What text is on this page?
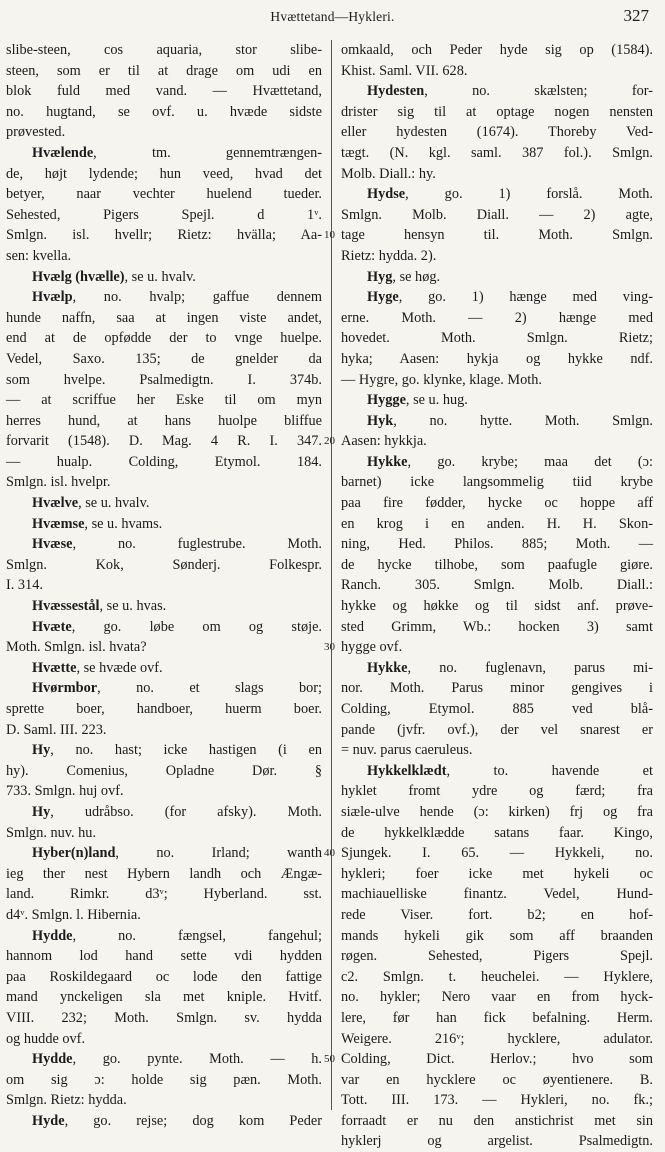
Hvættetand—Hykleri.	327
slibe-steen, cos aquaria, stor slibe-
steen, som er til at drage om udi en
blok fuld med vand. — Hvættetand,
no. hugtand, se ovf. u. hvæde sidste
prøvested.
Hvælende, tm. gennemtrængen-
de, højt lydende; hun veed, hvad det
betyer, naar vechter huelend tueder.
Sehested, Pigers Spejl. d 1ᵛ.
Smlgn. isl. hvellr; Rietz: hvälla; Aa-
sen: kvella.
Hvælg (hvælle), se u. hvalv.
Hvælp, no. hvalp; gaffue dennem
hunde naffn, saa at ingen viste andet,
end at de opfødde der to vnge huelpe.
Vedel, Saxo. 135; de gnelder da
som hvelpe. Psalmedigtn. I. 374b.
— at scriffue her Eske til om myn
herres hund, at hans huolpe bliffue
forvarit (1548). D. Mag. 4 R. I. 347.
— hualp. Colding, Etymol. 184.
Smlgn. isl. hvelpr.
Hvælve, se u. hvalv.
Hvæmse, se u. hvams.
Hvæse, no. fuglestrube. Moth.
Smlgn. Kok, Sønderj. Folkespr.
I. 314.
Hvæssestål, se u. hvas.
Hvæte, go. løbe om og støje.
Moth. Smlgn. isl. hvata?
Hvætte, se hvæde ovf.
Hvørmbor, no. et slags bor;
sprette boer, handboer, huerm boer.
D. Saml. III. 223.
Hy, no. hast; icke hastigen (i en
hy). Comenius, Opladne Dør. §
733. Smlgn. huj ovf.
Hy, udråbso. (for afsky). Moth.
Smlgn. nuv. hu.
Hyber(n)land, no. Irland; wanth
ieg ther nest Hybern landh och Ængæ-
land. Rimkr. d3ᵛ; Hyberland. sst.
d4ᵛ. Smlgn. l. Hibernia.
Hydde, no. fængsel, fangehul;
hannom lod hand sette vdi hydden
paa Roskildegaard oc lode den fattige
mand ynckeligen sla met kniple. Hvitf.
VIII. 232; Moth. Smlgn. sv. hydda
og hudde ovf.
Hydde, go. pynte. Moth. — h.
om sig ɔ: holde sig pæn. Moth.
Smlgn. Rietz: hydda.
Hyde, go. rejse; dog kom Peder
omkaald, och Peder hyde sig op (1584).
Khist. Saml. VII. 628.
Hydesten, no. skælsten; for-
drister sig til at optage nogen nensten
eller hydesten (1674). Thoreby Ved-
tægt. (N. kgl. saml. 387 fol.). Smlgn.
Molb. Diall.: hy.
Hydse, go. 1) forslå. Moth.
Smlgn. Molb. Diall. — 2) agte,
tage hensyn til. Moth. Smlgn.
Rietz: hydda. 2).
Hyg, se høg.
Hyge, go. 1) hænge med ving-
erne. Moth. — 2) hænge med
hovedet. Moth. Smlgn. Rietz;
hyka; Aasen: hykja og hykke ndf.
— Hygre, go. klynke, klage. Moth.
Hygge, se u. hug.
Hyk, no. hytte. Moth. Smlgn.
Aasen: hykkja.
Hykke, go. krybe; maa det (ɔ:
barnet) icke langsommelig tiid krybe
paa fire fødder, hycke oc hoppe aff
en krog i en anden. H. H. Skon-
ning, Hed. Philos. 885; Moth. —
de hycke tilhobe, som paafugle giøre.
Ranch. 305. Smlgn. Molb. Diall.:
hykke og høkke og til sidst anf. prøve-
sted Grimm, Wb.: hocken 3) samt
hygge ovf.
Hykke, no. fuglenavn, parus mi-
nor. Moth. Parus minor gengives i
Colding, Etymol. 885 ved blå-
pande (jvfr. ovf.), der vel snarest er
= nuv. parus caeruleus.
Hykkelklædt, to. havende et
hyklet fromt ydre og færd; fra
siæle-ulve hende (ɔ: kirken) frj og fra
de hykkelklædde satans faar. Kingo,
Sjungek. I. 65. — Hykkeli, no.
hykleri; foer icke met hykeli oc
machiauelliske finantz. Vedel, Hund-
rede Viser. fort. b2; en hof-
mands hykeli gik som aff braanden
røgen. Sehested, Pigers Spejl.
c2. Smlgn. t. heuchelei. — Hyklere,
no. hykler; Nero vaar en from hyck-
lere, før han fick befalning. Herm.
Weigere. 216ᵛ; hycklere, adulator.
Colding, Dict. Herlov.; hvo som
var en hycklere oc øyentienere. B.
Tott. III. 173. — Hykleri, no. fk.;
forraadt er nu den anstichrist met sin
hyklerj og argelist. Psalmedigtn.
10
20
30
40
50
